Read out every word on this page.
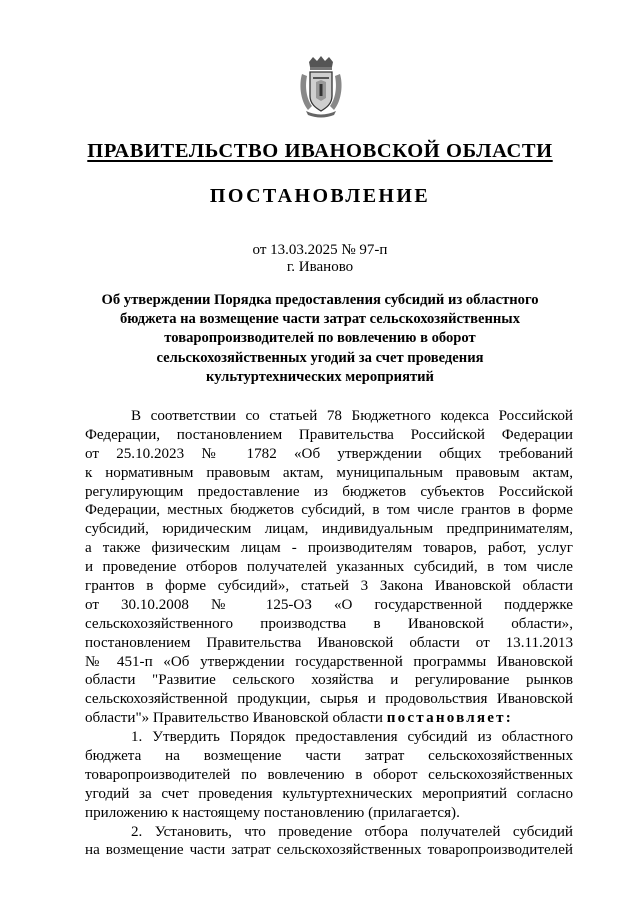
ПРАВИТЕЛЬСТВО ИВАНОВСКОЙ ОБЛАСТИ
ПОСТАНОВЛЕНИЕ
от 13.03.2025 № 97-п
г. Иваново
Об утверждении Порядка предоставления субсидий из областного
бюджета на возмещение части затрат сельскохозяйственных
товаропроизводителей по вовлечению в оборот
сельскохозяйственных угодий за счет проведения
культуртехнических мероприятий

В соответствии со статьей 78 Бюджетного кодекса Российской
Федерации, постановлением Правительства Российской Федерации
от 25.10.2023 № 1782 «Об утверждении общих требований
к нормативным правовым актам, муниципальным правовым актам,
регулирующим предоставление из бюджетов субъектов Российской
Федерации, местных бюджетов субсидий, в том числе грантов в форме
субсидий, юридическим лицам, индивидуальным предпринимателям,
а также физическим лицам - производителям товаров, работ, услуг
и проведение отборов получателей указанных субсидий, в том числе
грантов в форме субсидий», статьей 3 Закона Ивановской области
от 30.10.2008 № 125-ОЗ «О государственной поддержке
сельскохозяйственного производства в Ивановской области»,
постановлением Правительства Ивановской области от 13.11.2013
№ 451-п «Об утверждении государственной программы Ивановской
области "Развитие сельского хозяйства и регулирование рынков
сельскохозяйственной продукции, сырья и продовольствия Ивановской
области"» Правительство Ивановской области постановляет:

1. Утвердить Порядок предоставления субсидий из областного
бюджета на возмещение части затрат сельскохозяйственных
товаропроизводителей по вовлечению в оборот сельскохозяйственных
угодий за счет проведения культуртехнических мероприятий согласно
приложению к настоящему постановлению (прилагается).

2. Установить, что проведение отбора получателей субсидий
на возмещение части затрат сельскохозяйственных товаропроизводителей
